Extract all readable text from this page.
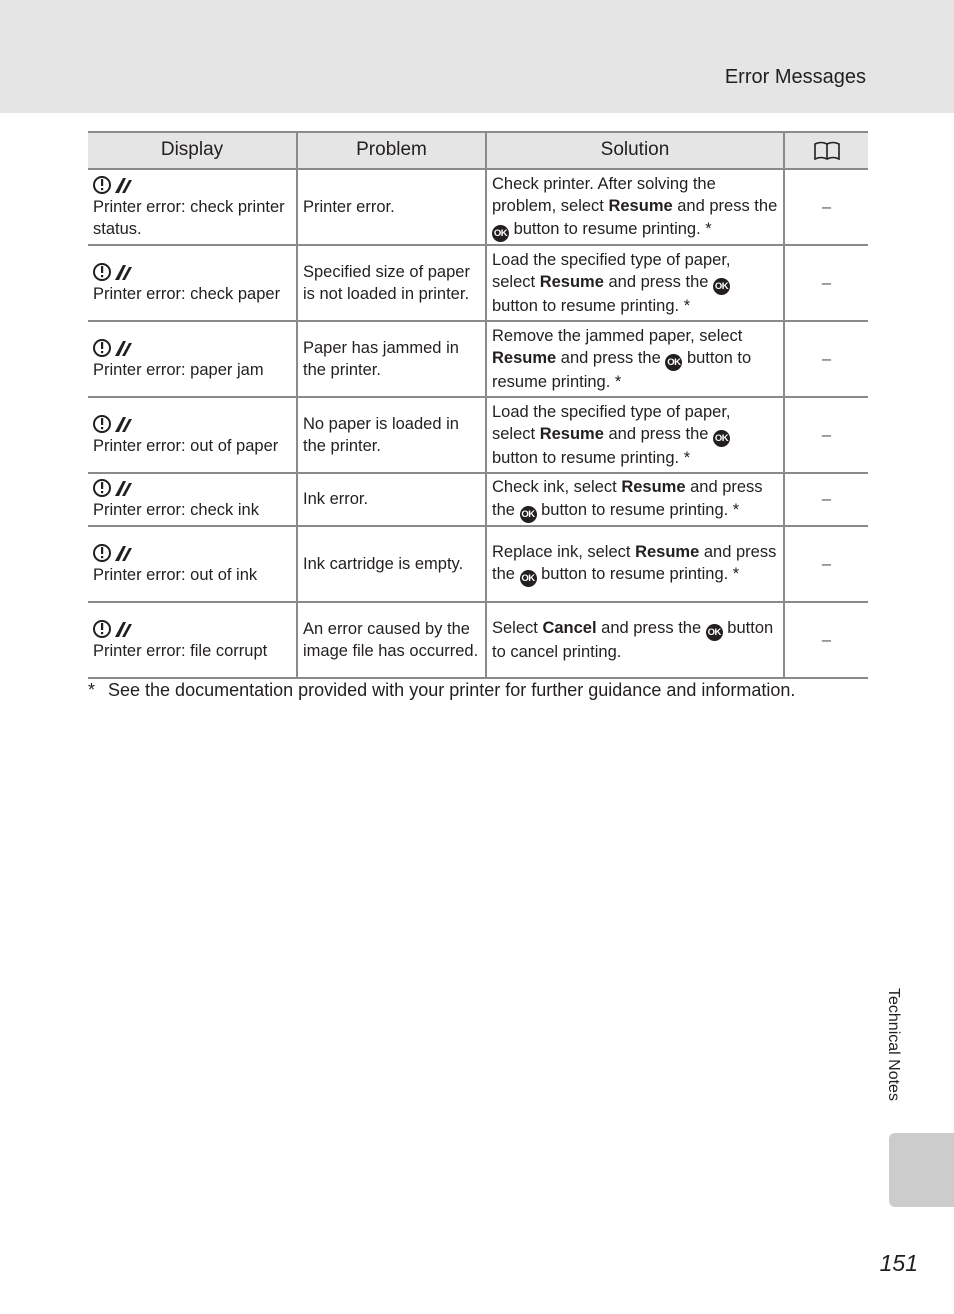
Error Messages
Display	Problem	Solution	

Printer error: check printer status.	Printer error.	Check printer. After solving the problem, select Resume and press the OK button to resume printing. *	–

Printer error: check paper	Specified size of paper is not loaded in printer.	Load the specified type of paper, select Resume and press the OK button to resume printing. *	–

Printer error: paper jam	Paper has jammed in the printer.	Remove the jammed paper, select Resume and press the OK button to resume printing. *	–

Printer error: out of paper	No paper is loaded in the printer.	Load the specified type of paper, select Resume and press the OK button to resume printing. *	–

Printer error: check ink	Ink error.	Check ink, select Resume and press the OK button to resume printing. *	–

Printer error: out of ink	Ink cartridge is empty.	Replace ink, select Resume and press the OK button to resume printing. *	–

Printer error: file corrupt	An error caused by the image file has occurred.	Select Cancel and press the OK button to cancel printing.	–
* See the documentation provided with your printer for further guidance and information.
Technical Notes
151
